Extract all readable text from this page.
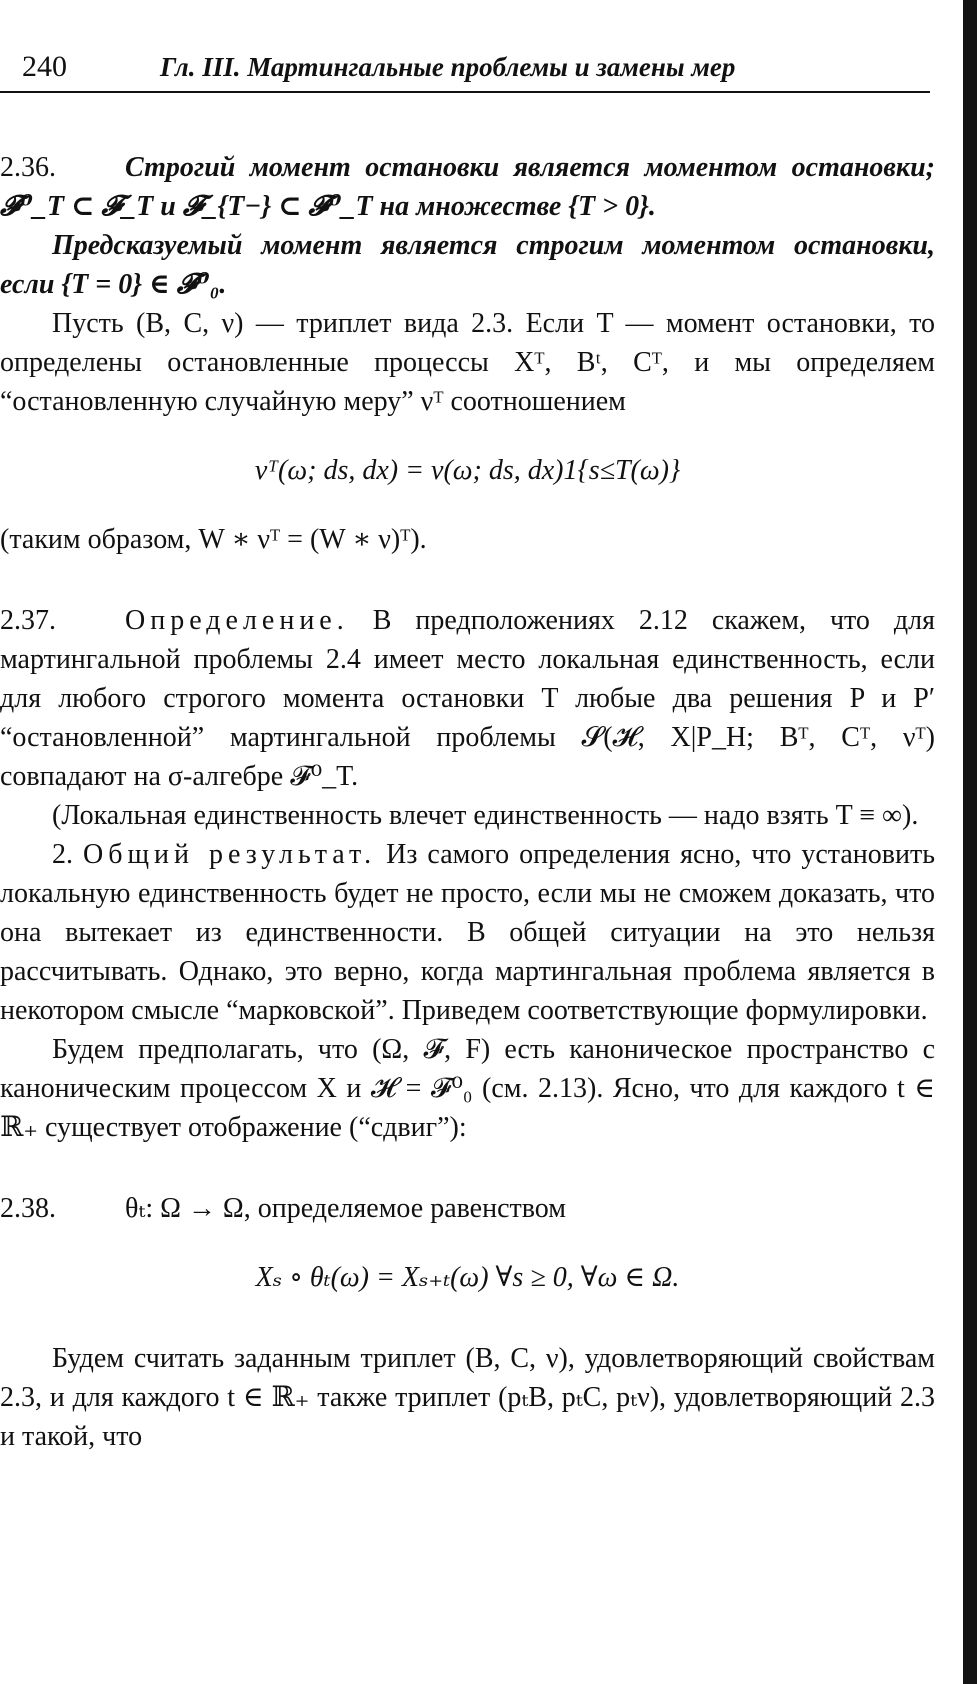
240	Гл. III. Мартингальные проблемы и замены мер

2.36. Строгий момент остановки является моментом остановки; 𝓕⁰_T ⊂ 𝓕_T и 𝓕_{T−} ⊂ 𝓕⁰_T на множестве {T > 0}.

Предсказуемый момент является строгим моментом остановки, если {T = 0} ∈ 𝓕⁰₀.

Пусть (B, C, ν) — триплет вида 2.3. Если T — момент остановки, то определены остановленные процессы Xᵀ, Bᵗ, Cᵀ, и мы определяем “остановленную случайную меру” νᵀ соотношением

νᵀ(ω; ds, dx) = ν(ω; ds, dx)1{s≤T(ω)}

(таким образом, W ∗ νᵀ = (W ∗ ν)ᵀ).

2.37. Определение. В предположениях 2.12 скажем, что для мартингальной проблемы 2.4 имеет место локальная единственность, если для любого строгого момента остановки T любые два решения P и P′ “остановленной” мартингальной проблемы 𝓢(𝓗, X|P_H; Bᵀ, Cᵀ, νᵀ) совпадают на σ-алгебре 𝓕⁰_T.

(Локальная единственность влечет единственность — надо взять T ≡ ∞).

2. Общий результат. Из самого определения ясно, что установить локальную единственность будет не просто, если мы не сможем доказать, что она вытекает из единственности. В общей ситуации на это нельзя рассчитывать. Однако, это верно, когда мартингальная проблема является в некотором смысле “марковской”. Приведем соответствующие формулировки.

Будем предполагать, что (Ω, 𝓕, F) есть каноническое пространство с каноническим процессом X и 𝓗 = 𝓕⁰₀ (см. 2.13). Ясно, что для каждого t ∈ ℝ₊ существует отображение (“сдвиг”):

2.38. θₜ: Ω → Ω, определяемое равенством

Xₛ ∘ θₜ(ω) = Xₛ₊ₜ(ω) ∀s ≥ 0, ∀ω ∈ Ω.

Будем считать заданным триплет (B, C, ν), удовлетворяющий свойствам 2.3, и для каждого t ∈ ℝ₊ также триплет (pₜB, pₜC, pₜν), удовлетворяющий 2.3 и такой, что
